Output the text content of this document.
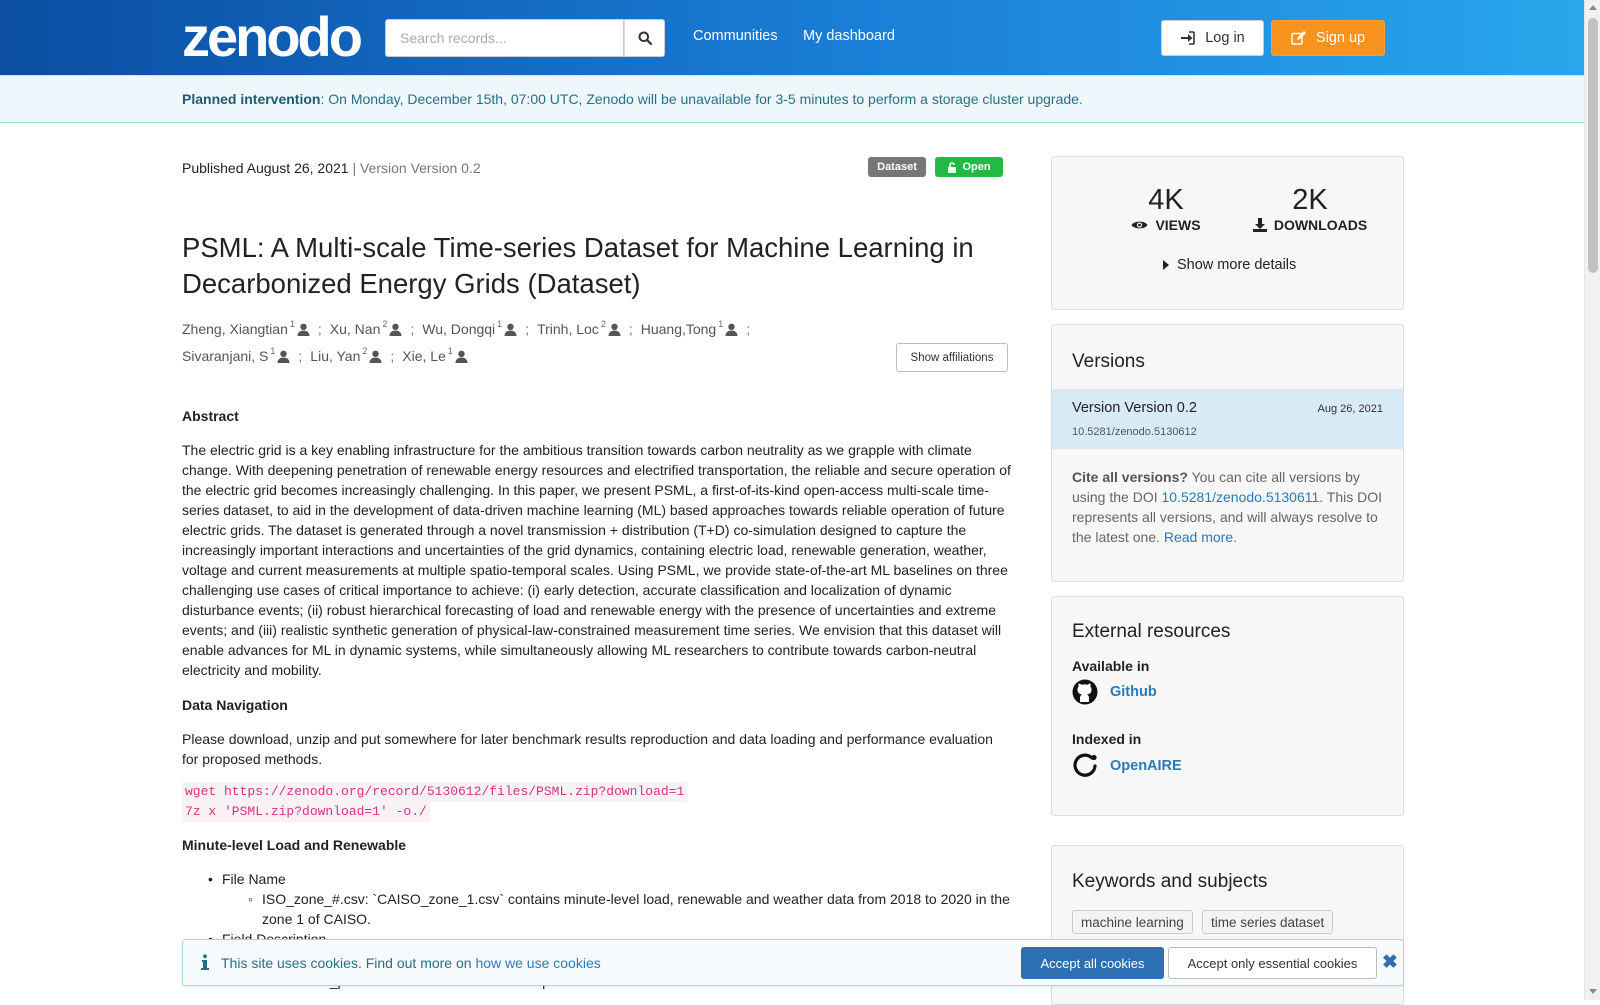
zenodo
Search records...	Communities My dashboard	Log in	Sign up
Planned intervention: On Monday, December 15th, 07:00 UTC, Zenodo will be unavailable for 3-5 minutes to perform a storage cluster upgrade.
Published August 26, 2021 | Version Version 0.2	Dataset	Open
PSML: A Multi-scale Time-series Dataset for Machine Learning in Decarbonized Energy Grids (Dataset)
Zheng, Xiangtian$^1$ ; Xu, Nan$^2$ ; Wu, Dongqi$^1$ ; Trinh, Loc$^2$ ; Huang,Tong$^1$ ;

Sivaranjani, $S^1$ ; Liu, Yan$^2$ ; Xie, Le$^1$
Show affiliations
Abstract

The electric grid is a key enabling infrastructure for the ambitious transition towards carbon neutrality as we grapple with climate change. With deepening penetration of renewable energy resources and electrified transportation, the reliable and secure operation of the electric grid becomes increasingly challenging. In this paper, we present PSML, a first-of-its-kind open-access multi-scale time-series dataset, to aid in the development of data-driven machine learning (ML) based approaches towards reliable operation of future electric grids. The dataset is generated through a novel transmission + distribution (T+D) co-simulation designed to capture the increasingly important interactions and uncertainties of the grid dynamics, containing electric load, renewable generation, weather, voltage and current measurements at multiple spatio-temporal scales. Using PSML, we provide state-of-the-art ML baselines on three challenging use cases of critical importance to achieve: (i) early detection, accurate classification and localization of dynamic disturbance events; (ii) robust hierarchical forecasting of load and renewable energy with the presence of uncertainties and extreme events; and (iii) realistic synthetic generation of physical-law-constrained measurement time series. We envision that this dataset will enable advances for ML in dynamic systems, while simultaneously allowing ML researchers to contribute towards carbon-neutral electricity and mobility.

Data Navigation

Please download, unzip and put somewhere for later benchmark results reproduction and data loading and performance evaluation for proposed methods.

wget https://zenodo.org/record/5130612/files/PSML.zip?download=1
7z x 'PSML.zip?download=1' -o./
Minute-level Load and Renewable
• File Name
◦ ISO_zone_#.csv: `CAISO_zone_1.csv` contains minute-level load, renewable and weather data from 2018 to 2020 in the zone 1 of CAISO.
•
◦
4K
VIEWS
2K
DOWNLOADS
Show more details
Versions
Version Version 0.2	Aug 26, 2021
10.5281/zenodo.5130612
Cite all versions? You can cite all versions by using the DOI 10.5281/zenodo.5130611. This DOI represents all versions, and will always resolve to the latest one. Read more.
External resources
Available in
Github
Indexed in
OpenAIRE
Keywords and subjects
machine learning	time series dataset
This site uses cookies. Find out more on how we use cookies	Accept all cookies	Accept only essential cookies	✖
